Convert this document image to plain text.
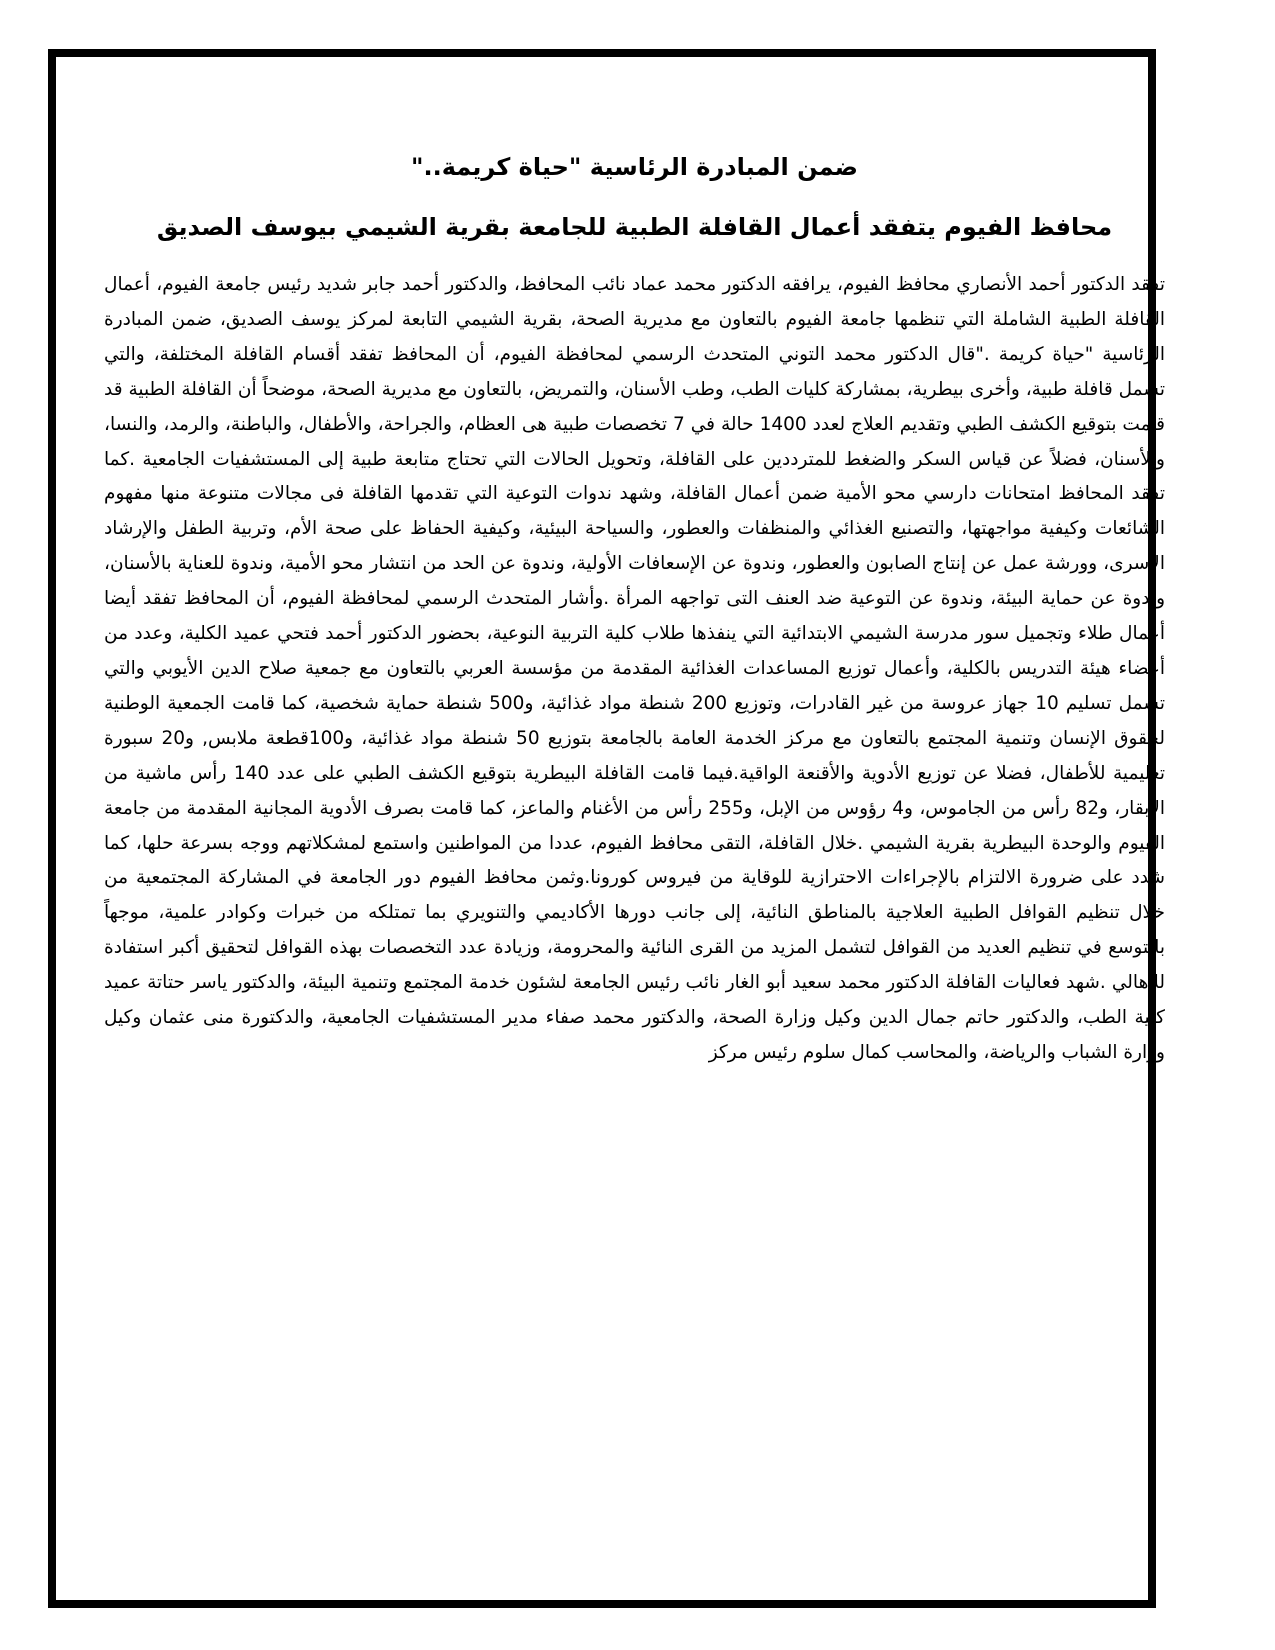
ضمن المبادرة الرئاسية "حياة كريمة.."
محافظ الفيوم يتفقد أعمال القافلة الطبية للجامعة بقرية الشيمي بيوسف الصديق

تفقد الدكتور أحمد الأنصاري محافظ الفيوم، يرافقه الدكتور محمد عماد نائب المحافظ، والدكتور أحمد جابر شديد رئيس جامعة الفيوم، أعمال القافلة الطبية الشاملة التي تنظمها جامعة الفيوم بالتعاون مع مديرية الصحة، بقرية الشيمي التابعة لمركز يوسف الصديق، ضمن المبادرة الرئاسية "حياة كريمة ."قال الدكتور محمد التوني المتحدث الرسمي لمحافظة الفيوم، أن المحافظ تفقد أقسام القافلة المختلفة، والتي تشمل قافلة طبية، وأخرى بيطرية، بمشاركة كليات الطب، وطب الأسنان، والتمريض، بالتعاون مع مديرية الصحة، موضحاً أن القافلة الطبية قد قامت بتوقيع الكشف الطبي وتقديم العلاج لعدد 1400 حالة في 7 تخصصات طبية هى العظام، والجراحة، والأطفال، والباطنة، والرمد، والنسا، والأسنان، فضلاً عن قياس السكر والضغط للمترددين على القافلة، وتحويل الحالات التي تحتاج متابعة طبية إلى المستشفيات الجامعية .كما تفقد المحافظ امتحانات دارسي محو الأمية ضمن أعمال القافلة، وشهد ندوات التوعية التي تقدمها القافلة فى مجالات متنوعة منها مفهوم الشائعات وكيفية مواجهتها، والتصنيع الغذائي والمنظفات والعطور، والسياحة البيئية، وكيفية الحفاظ على صحة الأم، وتربية الطفل والإرشاد الأسرى، وورشة عمل عن إنتاج الصابون والعطور، وندوة عن الإسعافات الأولية، وندوة عن الحد من انتشار محو الأمية، وندوة للعناية بالأسنان، وندوة عن حماية البيئة، وندوة عن التوعية ضد العنف التى تواجهه المرأة .وأشار المتحدث الرسمي لمحافظة الفيوم، أن المحافظ تفقد أيضا أعمال طلاء وتجميل سور مدرسة الشيمي الابتدائية التي ينفذها طلاب كلية التربية النوعية، بحضور الدكتور أحمد فتحي عميد الكلية، وعدد من أعضاء هيئة التدريس بالكلية، وأعمال توزيع المساعدات الغذائية المقدمة من مؤسسة العربي بالتعاون مع جمعية صلاح الدين الأيوبي والتي تشمل تسليم 10 جهاز عروسة من غير القادرات، وتوزيع 200 شنطة مواد غذائية، و500 شنطة حماية شخصية، كما قامت الجمعية الوطنية لحقوق الإنسان وتنمية المجتمع بالتعاون مع مركز الخدمة العامة بالجامعة بتوزيع 50 شنطة مواد غذائية، و100قطعة ملابس, و20 سبورة تعليمية للأطفال، فضلا عن توزيع الأدوية والأقنعة الواقية.فيما قامت القافلة البيطرية بتوقيع الكشف الطبي على عدد 140 رأس ماشية من الأبقار، و82 رأس من الجاموس، و4 رؤوس من الإبل، و255 رأس من الأغنام والماعز، كما قامت بصرف الأدوية المجانية المقدمة من جامعة الفيوم والوحدة البيطرية بقرية الشيمي .خلال القافلة، التقى محافظ الفيوم، عددا من المواطنين واستمع لمشكلاتهم ووجه بسرعة حلها، كما شدد على ضرورة الالتزام بالإجراءات الاحترازية للوقاية من فيروس كورونا.وثمن محافظ الفيوم دور الجامعة في المشاركة المجتمعية من خلال تنظيم القوافل الطبية العلاجية بالمناطق النائية، إلى جانب دورها الأكاديمي والتنويري بما تمتلكه من خبرات وكوادر علمية، موجهاً بالتوسع في تنظيم العديد من القوافل لتشمل المزيد من القرى النائية والمحرومة، وزيادة عدد التخصصات بهذه القوافل لتحقيق أكبر استفادة للأهالي .شهد فعاليات القافلة الدكتور محمد سعيد أبو الغار نائب رئيس الجامعة لشئون خدمة المجتمع وتنمية البيئة، والدكتور ياسر حتاتة عميد كلية الطب، والدكتور حاتم جمال الدين وكيل وزارة الصحة، والدكتور محمد صفاء مدير المستشفيات الجامعية، والدكتورة منى عثمان وكيل وزارة الشباب والرياضة، والمحاسب كمال سلوم رئيس مركز
